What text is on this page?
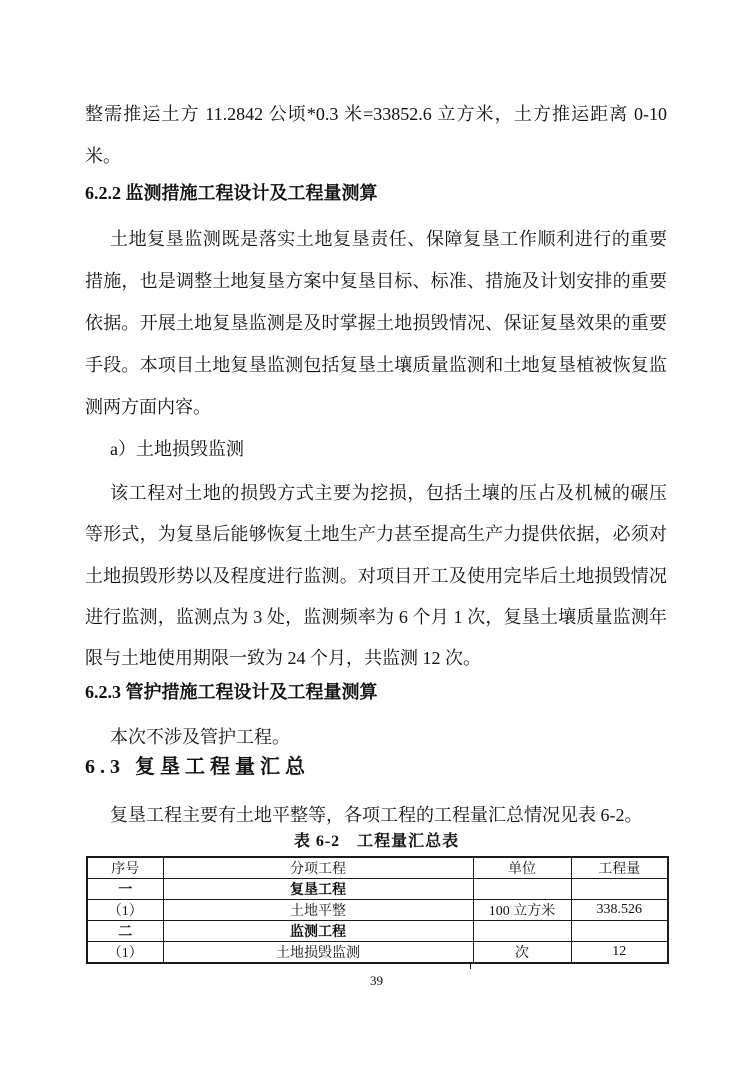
整需推运土方 11.2842 公顷*0.3 米=33852.6 立方米，土方推运距离 0-10
米。
6.2.2 监测措施工程设计及工程量测算
土地复垦监测既是落实土地复垦责任、保障复垦工作顺利进行的重要
措施，也是调整土地复垦方案中复垦目标、标准、措施及计划安排的重要
依据。开展土地复垦监测是及时掌握土地损毁情况、保证复垦效果的重要
手段。本项目土地复垦监测包括复垦土壤质量监测和土地复垦植被恢复监
测两方面内容。
a）土地损毁监测
该工程对土地的损毁方式主要为挖损，包括土壤的压占及机械的碾压
等形式，为复垦后能够恢复土地生产力甚至提高生产力提供依据，必须对
土地损毁形势以及程度进行监测。对项目开工及使用完毕后土地损毁情况
进行监测，监测点为 3 处，监测频率为 6 个月 1 次，复垦土壤质量监测年
限与土地使用期限一致为 24 个月，共监测 12 次。
6.2.3 管护措施工程设计及工程量测算
本次不涉及管护工程。
6.3 复垦工程量汇总
复垦工程主要有土地平整等，各项工程的工程量汇总情况见表 6-2。
表 6-2　工程量汇总表
序号	分项工程	单位	工程量
一	复垦工程		
（1）	土地平整	100 立方米	338.526
二	监测工程		
（1）	土地损毁监测	次	12
39
